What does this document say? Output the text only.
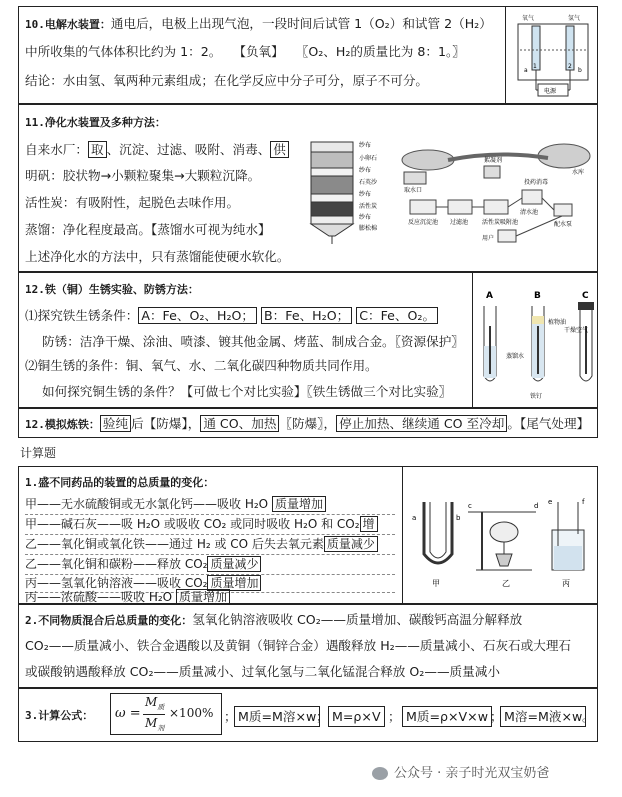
10.电解水装置：通电后，电极上出现气泡，一段时间后试管 1（O₂）和试管 2（H₂）
中所收集的气体体积比约为 1：2。 【负氧】 〖O₂、H₂的质量比为 8：1。〗
结论：水由氢、氧两种元素组成；在化学反应中分子可分，原子不可分。
氧气	氢气
1	2
a	b
电源
11.净化水装置及多种方法：
自来水厂： 取 、沉淀、过滤、吸附、消毒、 供
明矾：胶状物→小颗粒聚集→大颗粒沉降。
活性炭：有吸附性，起脱色去味作用。
蒸馏：净化程度最高。【蒸馏水可视为纯水】
上述净化水的方法中，只有蒸馏能使硬水软化。
纱布
小卵石
纱布
石英沙
纱布
活性炭
纱布
膨松棉
取水口
絮凝剂
水库
反应沉淀池 过滤池 活性炭吸附池
清水池
投药消毒
配水泵
用户
12.铁（铜）生锈实验、防锈方法：
⑴探究铁生锈条件： A：Fe、O₂、H₂O； B：Fe、H₂O； C：Fe、O₂。
防锈：洁净干燥、涂油、喷漆、镀其他金属、烤蓝、制成合金。〖资源保护〗
⑵铜生锈的条件：铜、氧气、水、二氧化碳四种物质共同作用。
如何探究铜生锈的条件？【可做七个对比实验】〖铁生锈做三个对比实验〗
A	B	C
植物油
干燥空气
蒸馏水
铁钉
12.模拟炼铁： 验纯 后【防爆】， 通 CO、加热 〖防爆〗， 停止加热、继续通 CO 至冷却 。【尾气处理】
计算题
1.盛不同药品的装置的总质量的变化：
甲——无水硫酸铜或无水氯化钙——吸收 H₂O 质量增加
甲——碱石灰——吸 H₂O 或吸收 CO₂ 或同时吸收 H₂O 和 CO₂ 增
乙——氧化铜或氧化铁——通过 H₂ 或 CO 后失去氧元素 质量减少
乙——氧化铜和碳粉——释放 CO₂ 质量减少
丙——氢氧化钠溶液——吸收 CO₂ 质量增加
丙——浓硫酸——吸收 H₂O 质量增加
a	b
甲
c	d
乙
e	f
丙
2.不同物质混合后总质量的变化：氢氧化钠溶液吸收 CO₂——质量增加、碳酸钙高温分解释放
CO₂——质量减小、铁合金遇酸以及黄铜（铜锌合金）遇酸释放 H₂——质量减小、石灰石或大理石
或碳酸钠遇酸释放 CO₂——质量减小、过氧化氢与二氧化锰混合释放 O₂——质量减小
3.计算公式： ω =
$M_质$
$M_剂$
×100% ； M质=M溶×w ； M=ρ×V ； M质=ρ×V×w ； M溶=M液×w 。
公众号 · 亲子时光双宝奶爸
